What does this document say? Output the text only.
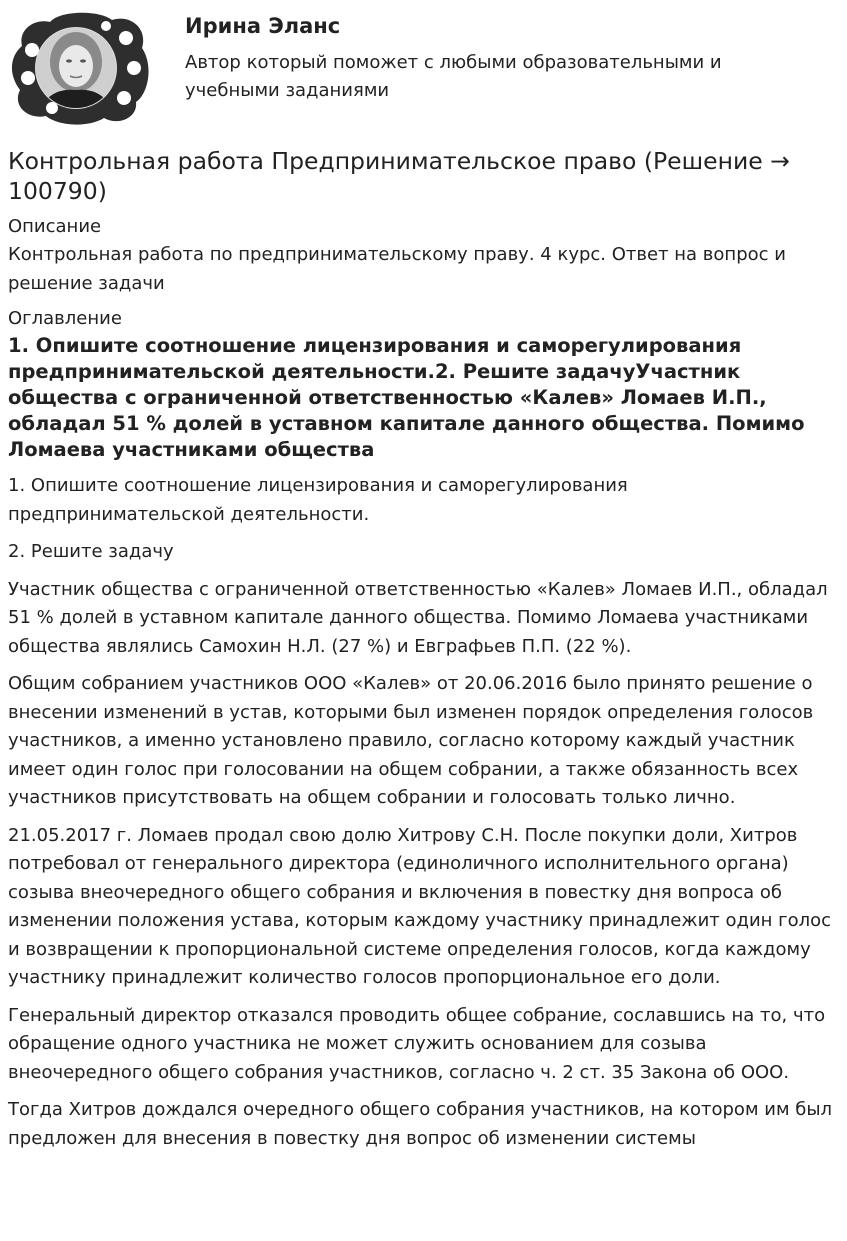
Ирина Эланс
Автор который поможет с любыми образовательными и учебными заданиями
Контрольная работа Предпринимательское право (Решение → 100790)
Описание

Контрольная работа по предпринимательскому праву. 4 курс. Ответ на вопрос и решение задачи

Оглавление
1. Опишите соотношение лицензирования и саморегулирования предпринимательской деятельности.2. Решите задачуУчастник общества с ограниченной ответственностью «Калев» Ломаев И.П., обладал 51 % долей в уставном капитале данного общества. Помимо Ломаева участниками общества

1. Опишите соотношение лицензирования и саморегулирования предпринимательской деятельности.

2. Решите задачу

Участник общества с ограниченной ответственностью «Калев» Ломаев И.П., обладал 51 % долей в уставном капитале данного общества. Помимо Ломаева участниками общества являлись Самохин Н.Л. (27 %) и Евграфьев П.П. (22 %).

Общим собранием участников ООО «Калев» от 20.06.2016 было принято решение о внесении изменений в устав, которыми был изменен порядок определения голосов участников, а именно установлено правило, согласно которому каждый участник имеет один голос при голосовании на общем собрании, а также обязанность всех участников присутствовать на общем собрании и голосовать только лично.

21.05.2017 г. Ломаев продал свою долю Хитрову С.Н. После покупки доли, Хитров потребовал от генерального директора (единоличного исполнительного органа) созыва внеочередного общего собрания и включения в повестку дня вопроса об изменении положения устава, которым каждому участнику принадлежит один голос и возвращении к пропорциональной системе определения голосов, когда каждому участнику принадлежит количество голосов пропорциональное его доли.

Генеральный директор отказался проводить общее собрание, сославшись на то, что обращение одного участника не может служить основанием для созыва внеочередного общего собрания участников, согласно ч. 2 ст. 35 Закона об ООО.

Тогда Хитров дождался очередного общего собрания участников, на котором им был предложен для внесения в повестку дня вопрос об изменении системы
